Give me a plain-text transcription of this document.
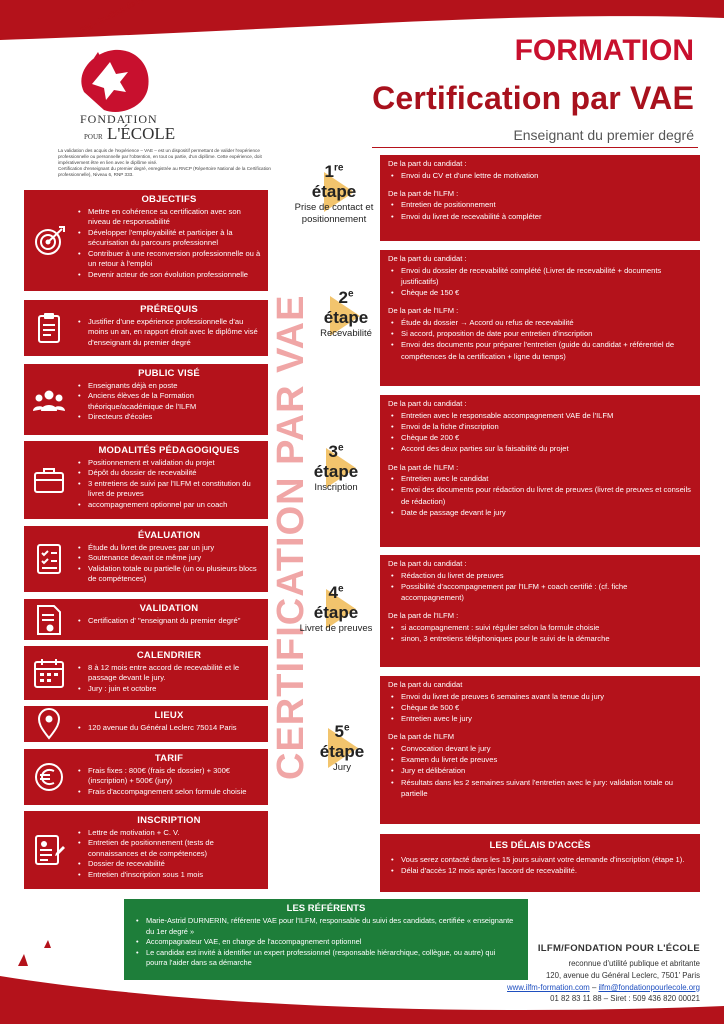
FONDATION
POUR L'ÉCOLE

La validation des acquis de l'expérience – VAE – est un dispositif permettant de valider l'expérience professionnelle ou personnelle par l'obtention, en tout ou partie, d'un diplôme. Cette expérience, doit impérativement être en lien avec le diplôme visé.

Certification d'enseignant du premier degré, enregistrée au RNCP (Répertoire National de la Certification professionnelle), Niveau 6, RNP 333.

FORMATION
Certification par VAE
Enseignant du premier degré
CERTIFICATION PAR VAE
OBJECTIFS
• Mettre en cohérence sa certification avec son niveau de responsabilité
• Développer l'employabilité et participer à la sécurisation du parcours professionnel
• Contribuer à une reconversion professionnelle ou à un retour à l'emploi
• Devenir acteur de son évolution professionnelle
PRÉREQUIS
• Justifier d'une expérience professionnelle d'au moins un an, en rapport étroit avec le diplôme visé d'enseignant du premier degré
PUBLIC VISÉ
• Enseignants déjà en poste
• Anciens élèves de la Formation théorique/académique de l'ILFM
• Directeurs d'écoles
MODALITÉS PÉDAGOGIQUES
• Positionnement et validation du projet
• Dépôt du dossier de recevabilité
• 3 entretiens de suivi par l'ILFM et constitution du livret de preuves
• accompagnement optionnel par un coach
ÉVALUATION
• Étude du livret de preuves par un jury
• Soutenance devant ce même jury
• Validation totale ou partielle (un ou plusieurs blocs de compétences)
VALIDATION
• Certification d' "enseignant du premier degré"
CALENDRIER
• 8 à 12 mois entre accord de recevabilité et le passage devant le jury.
• Jury : juin et octobre
LIEUX
• 120 avenue du Général Leclerc 75014 Paris
TARIF
• Frais fixes : 800€ (frais de dossier) + 300€ (inscription) + 500€ (jury)
• Frais d'accompagnement selon formule choisie
INSCRIPTION
• Lettre de motivation + C. V.
• Entretien de positionnement (tests de connaissances et de compétences)
• Dossier de recevabilité
• Entretien d'inscription sous 1 mois
1re
étape
Prise de contact et positionnement
2e
étape
Recevabilité
3e
étape
Inscription
4e
étape
Livret de preuves
5e
étape
Jury
De la part du candidat :
• Envoi du CV et d'une lettre de motivation
De la part de l'ILFM :
• Entretien de positionnement
• Envoi du livret de recevabilité à compléter
De la part du candidat :
• Envoi du dossier de recevabilité complété (Livret de recevabilité + documents justificatifs)
• Chèque de 150 €
De la part de l'ILFM :
• Étude du dossier → Accord ou refus de recevabilité
• Si accord, proposition de date pour entretien d'inscription
• Envoi des documents pour préparer l'entretien (guide du candidat + référentiel de compétences de la certification + ligne du temps)
De la part du candidat :
• Entretien avec le responsable accompagnement VAE de l'ILFM
• Envoi de la fiche d'inscription
• Chèque de 200 €
• Accord des deux parties sur la faisabilité du projet
De la part de l'ILFM :
• Entretien avec le candidat
• Envoi des documents pour rédaction du livret de preuves (livret de preuves et conseils de rédaction)
• Date de passage devant le jury
De la part du candidat :
• Rédaction du livret de preuves
• Possibilité d'accompagnement par l'ILFM + coach certifié : (cf. fiche accompagnement)
De la part de l'ILFM :
• si accompagnement : suivi régulier selon la formule choisie
• sinon, 3 entretiens téléphoniques pour le suivi de la démarche
De la part du candidat
• Envoi du livret de preuves 6 semaines avant la tenue du jury
• Chèque de 500 €
• Entretien avec le jury
De la part de l'ILFM
• Convocation devant le jury
• Examen du livret de preuves
• Jury et délibération
• Résultats dans les 2 semaines suivant l'entretien avec le jury: validation totale ou partielle
LES DÉLAIS D'ACCÈS
• Vous serez contacté dans les 15 jours suivant votre demande d'inscription (étape 1).
• Délai d'accès 12 mois après l'accord de recevabilité.
LES RÉFÉRENTS
• Marie-Astrid DURNERIN, référente VAE pour l'ILFM, responsable du suivi des candidats, certifiée « enseignante du 1er degré »
• Accompagnateur VAE, en charge de l'accompagnement optionnel
• Le candidat est invité à identifier un expert professionnel (responsable hiérarchique, collègue, ou autre) qui pourra l'aider dans sa démarche
ILFM/FONDATION POUR L'ÉCOLE
reconnue d'utilité publique et abritante
120, avenue du Général Leclerc, 7501' Paris
www.ilfm-formation.com – ilfm@fondationpourlecole.org
01 82 83 11 88 – Siret : 509 436 820 00021
